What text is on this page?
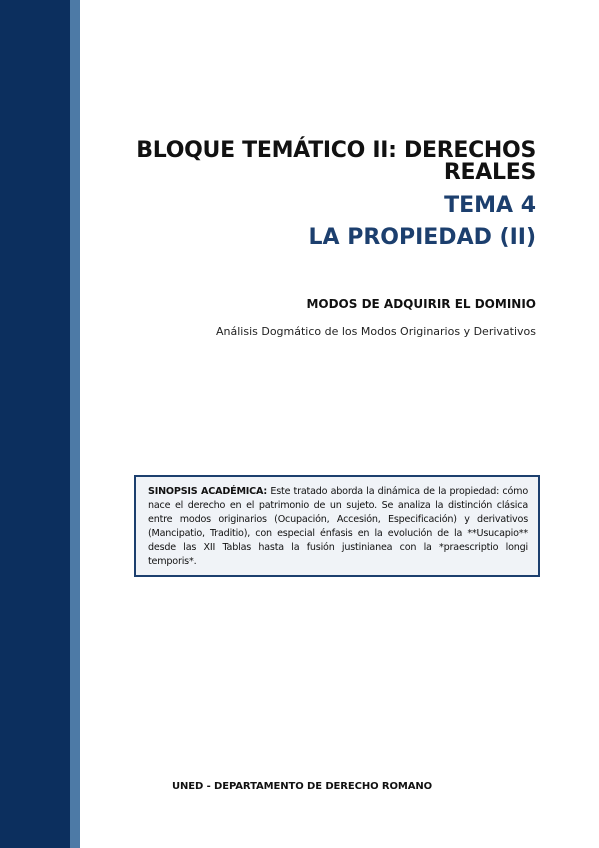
BLOQUE TEMÁTICO II: DERECHOS REALES
TEMA 4
LA PROPIEDAD (II)
MODOS DE ADQUIRIR EL DOMINIO
Análisis Dogmático de los Modos Originarios y Derivativos
SINOPSIS ACADÉMICA: Este tratado aborda la dinámica de la propiedad: cómo nace el derecho en el patrimonio de un sujeto. Se analiza la distinción clásica entre modos originarios (Ocupación, Accesión, Especificación) y derivativos (Mancipatio, Traditio), con especial énfasis en la evolución de la **Usucapio** desde las XII Tablas hasta la fusión justinianea con la *praescriptio longi temporis*.
UNED - DEPARTAMENTO DE DERECHO ROMANO
